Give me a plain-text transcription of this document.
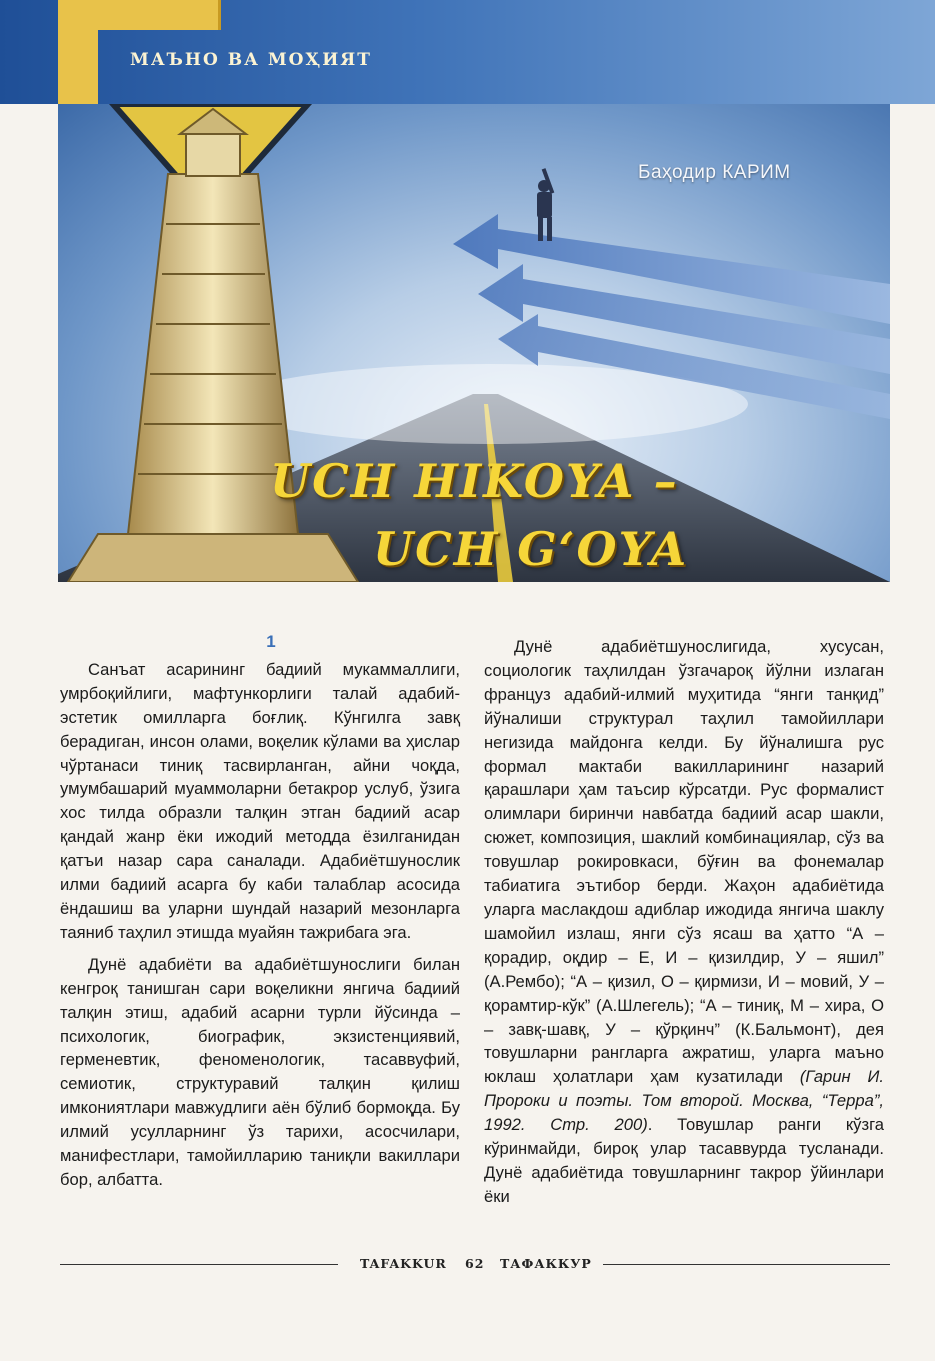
МАЪНО ВА МОҲИЯТ
Баҳодир КАРИМ
UCH HIKOYA –
UCH G‘OYA
1

Санъат асарининг бадиий мукаммаллиги, умрбоқийлиги, мафтункорлиги талай адабий-эстетик омилларга боғлиқ. Кўнгилга завқ берадиган, инсон олами, воқелик кўлами ва ҳислар чўртанаси тиниқ тасвирланган, айни чоқда, умумбашарий муаммоларни бетакрор услуб, ўзига хос тилда образли талқин этган бадиий асар қандай жанр ёки ижодий методда ёзилганидан қатъи назар сара саналади. Адабиётшунослик илми бадиий асарга бу каби талаблар асосида ёндашиш ва уларни шундай назарий мезонларга таяниб таҳлил этишда муайян тажрибага эга.

Дунё адабиёти ва адабиётшунослиги билан кенгроқ танишган сари воқеликни янгича бадиий талқин этиш, адабий асарни турли йўсинда – психологик, биографик, экзистенциявий, герменевтик, феноменологик, тасаввуфий, семиотик, структуравий талқин қилиш имкониятлари мавжудлиги аён бўлиб бормоқда. Бу илмий усулларнинг ўз тарихи, асосчилари, манифестлари, тамойилларию таниқли вакиллари бор, албатта.

Дунё адабиётшунослигида, хусусан, социологик таҳлилдан ўзгачароқ йўлни излаган француз адабий-илмий муҳитида “янги танқид” йўналиши структурал таҳлил тамойиллари негизида майдонга келди. Бу йўналишга рус формал мактаби вакилларининг назарий қарашлари ҳам таъсир кўрсатди. Рус формалист олимлари биринчи навбатда бадиий асар шакли, сюжет, композиция, шаклий комбинациялар, сўз ва товушлар рокировкаси, бўғин ва фонемалар табиатига эътибор берди. Жаҳон адабиётида уларга маслакдош адиблар ижодида янгича шаклу шамойил излаш, янги сўз ясаш ва ҳатто “А – қорадир, оқдир – Е, И – қизилдир, У – яшил” (А.Рембо); “А – қизил, О – қирмизи, И – мовий, У – қорамтир-кўк” (А.Шлегель); “А – тиниқ, М – хира, О – завқ-шавқ, У – қўрқинч” (К.Бальмонт), дея товушларни рангларга ажратиш, уларга маъно юклаш ҳолатлари ҳам кузатилади (Гарин И. Пророки и поэты. Том второй. Москва, “Терра”, 1992. Стр. 200). Товушлар ранги кўзга кўринмайди, бироқ улар тасаввурда тусланади. Дунё адабиётида товушларнинг такрор ўйинлари ёки

TAFAKKUR 62 ТАФАККУР
